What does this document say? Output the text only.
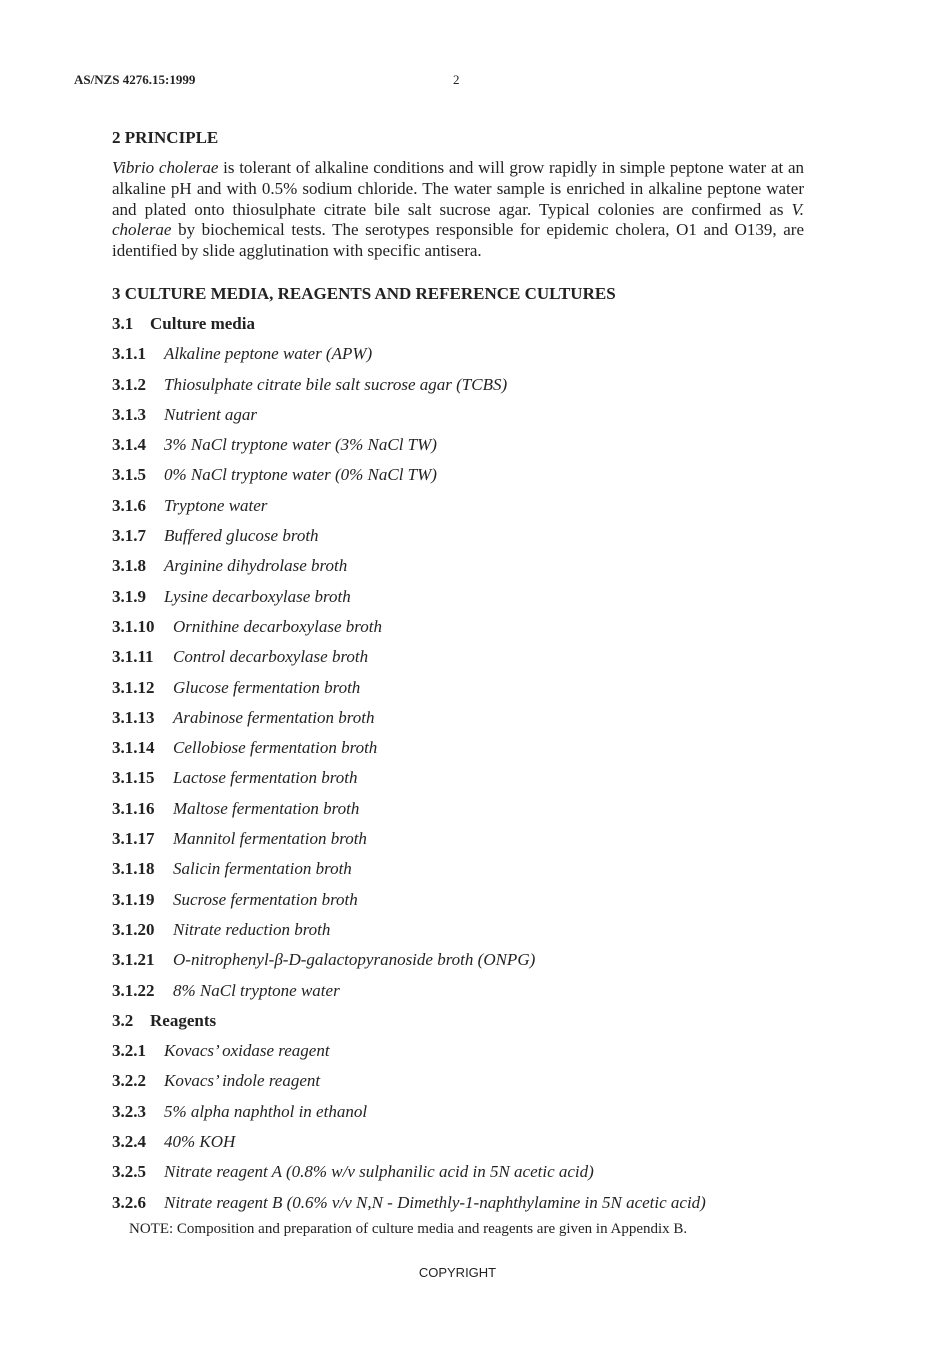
AS/NZS 4276.15:1999	2

2 PRINCIPLE

Vibrio cholerae is tolerant of alkaline conditions and will grow rapidly in simple peptone water at an alkaline pH and with 0.5% sodium chloride. The water sample is enriched in alkaline peptone water and plated onto thiosulphate citrate bile salt sucrose agar. Typical colonies are confirmed as V. cholerae by biochemical tests. The serotypes responsible for epidemic cholera, O1 and O139, are identified by slide agglutination with specific antisera.

3 CULTURE MEDIA, REAGENTS AND REFERENCE CULTURES

3.1 Culture media
3.1.1 Alkaline peptone water (APW)
3.1.2 Thiosulphate citrate bile salt sucrose agar (TCBS)
3.1.3 Nutrient agar
3.1.4 3% NaCl tryptone water (3% NaCl TW)
3.1.5 0% NaCl tryptone water (0% NaCl TW)
3.1.6 Tryptone water
3.1.7 Buffered glucose broth
3.1.8 Arginine dihydrolase broth
3.1.9 Lysine decarboxylase broth
3.1.10 Ornithine decarboxylase broth
3.1.11 Control decarboxylase broth
3.1.12 Glucose fermentation broth
3.1.13 Arabinose fermentation broth
3.1.14 Cellobiose fermentation broth
3.1.15 Lactose fermentation broth
3.1.16 Maltose fermentation broth
3.1.17 Mannitol fermentation broth
3.1.18 Salicin fermentation broth
3.1.19 Sucrose fermentation broth
3.1.20 Nitrate reduction broth
3.1.21 O-nitrophenyl-β-D-galactopyranoside broth (ONPG)
3.1.22 8% NaCl tryptone water
3.2 Reagents
3.2.1 Kovacs’ oxidase reagent
3.2.2 Kovacs’ indole reagent
3.2.3 5% alpha naphthol in ethanol
3.2.4 40% KOH
3.2.5 Nitrate reagent A (0.8% w/v sulphanilic acid in 5N acetic acid)
3.2.6 Nitrate reagent B (0.6% v/v N,N - Dimethly-1-naphthylamine in 5N acetic acid)
NOTE: Composition and preparation of culture media and reagents are given in Appendix B.
COPYRIGHT
